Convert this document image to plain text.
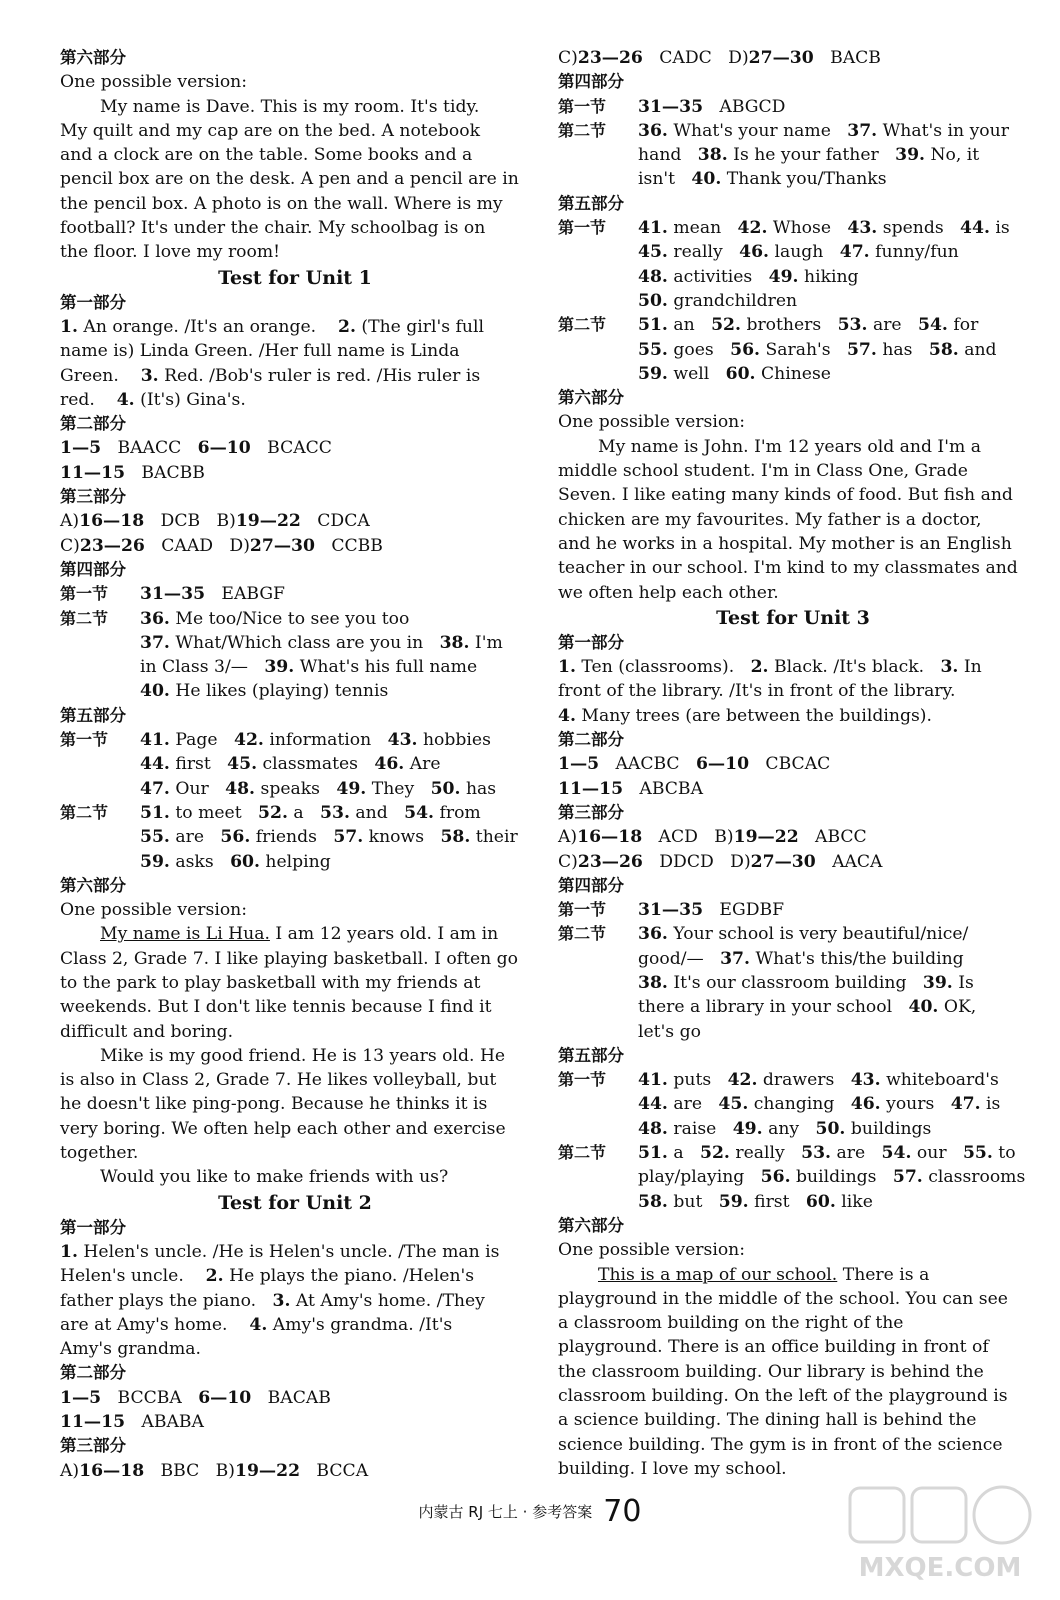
第六部分
One possible version:
My name is Dave. This is my room. It's tidy.
My quilt and my cap are on the bed. A notebook
and a clock are on the table. Some books and a
pencil box are on the desk. A pen and a pencil are in
the pencil box. A photo is on the wall. Where is my
football? It's under the chair. My schoolbag is on
the floor. I love my room!
Test for Unit 1
第一部分
1. An orange. /It's an orange.    2. (The girl's full
name is) Linda Green. /Her full name is Linda
Green.    3. Red. /Bob's ruler is red. /His ruler is
red.    4. (It's) Gina's.
第二部分
1—5   BAACC   6—10   BCACC
11—15   BACBB
第三部分
A)16—18   DCB   B)19—22   CDCA
C)23—26   CAAD   D)27—30   CCBB
第四部分
第一节 31—35   EABGF
第二节 36. Me too/Nice to see you too
37. What/Which class are you in   38. I'm
in Class 3/—   39. What's his full name
40. He likes (playing) tennis
第五部分
第一节 41. Page   42. information   43. hobbies
44. first   45. classmates   46. Are
47. Our   48. speaks   49. They   50. has
第二节 51. to meet   52. a   53. and   54. from
55. are   56. friends   57. knows   58. their
59. asks   60. helping
第六部分
One possible version:
My name is Li Hua. I am 12 years old. I am in
Class 2, Grade 7. I like playing basketball. I often go
to the park to play basketball with my friends at
weekends. But I don't like tennis because I find it
difficult and boring.
Mike is my good friend. He is 13 years old. He
is also in Class 2, Grade 7. He likes volleyball, but
he doesn't like ping-pong. Because he thinks it is
very boring. We often help each other and exercise
together.
Would you like to make friends with us?
Test for Unit 2
第一部分
1. Helen's uncle. /He is Helen's uncle. /The man is
Helen's uncle.    2. He plays the piano. /Helen's
father plays the piano.   3. At Amy's home. /They
are at Amy's home.    4. Amy's grandma. /It's
Amy's grandma.
第二部分
1—5   BCCBA   6—10   BACAB
11—15   ABABA
第三部分
A)16—18   BBC   B)19—22   BCCA
C)23—26   CADC   D)27—30   BACB
第四部分
第一节 31—35   ABGCD
第二节 36. What's your name   37. What's in your
hand   38. Is he your father   39. No, it
isn't   40. Thank you/Thanks
第五部分
第一节 41. mean   42. Whose   43. spends   44. is
45. really   46. laugh   47. funny/fun
48. activities   49. hiking
50. grandchildren
第二节 51. an   52. brothers   53. are   54. for
55. goes   56. Sarah's   57. has   58. and
59. well   60. Chinese
第六部分
One possible version:
My name is John. I'm 12 years old and I'm a
middle school student. I'm in Class One, Grade
Seven. I like eating many kinds of food. But fish and
chicken are my favourites. My father is a doctor,
and he works in a hospital. My mother is an English
teacher in our school. I'm kind to my classmates and
we often help each other.
Test for Unit 3
第一部分
1. Ten (classrooms).   2. Black. /It's black.   3. In
front of the library. /It's in front of the library.
4. Many trees (are between the buildings).
第二部分
1—5   AACBC   6—10   CBCAC
11—15   ABCBA
第三部分
A)16—18   ACD   B)19—22   ABCC
C)23—26   DDCD   D)27—30   AACA
第四部分
第一节 31—35   EGDBF
第二节 36. Your school is very beautiful/nice/
good/—   37. What's this/the building
38. It's our classroom building   39. Is
there a library in your school   40. OK,
let's go
第五部分
第一节 41. puts   42. drawers   43. whiteboard's
44. are   45. changing   46. yours   47. is
48. raise   49. any   50. buildings
第二节 51. a   52. really   53. are   54. our   55. to
play/playing   56. buildings   57. classrooms
58. but   59. first   60. like
第六部分
One possible version:
This is a map of our school. There is a
playground in the middle of the school. You can see
a classroom building on the right of the
playground. There is an office building in front of
the classroom building. Our library is behind the
classroom building. On the left of the playground is
a science building. The dining hall is behind the
science building. The gym is in front of the science
building. I love my school.
内蒙古 RJ 七上 · 参考答案 70
MXQE.COM
